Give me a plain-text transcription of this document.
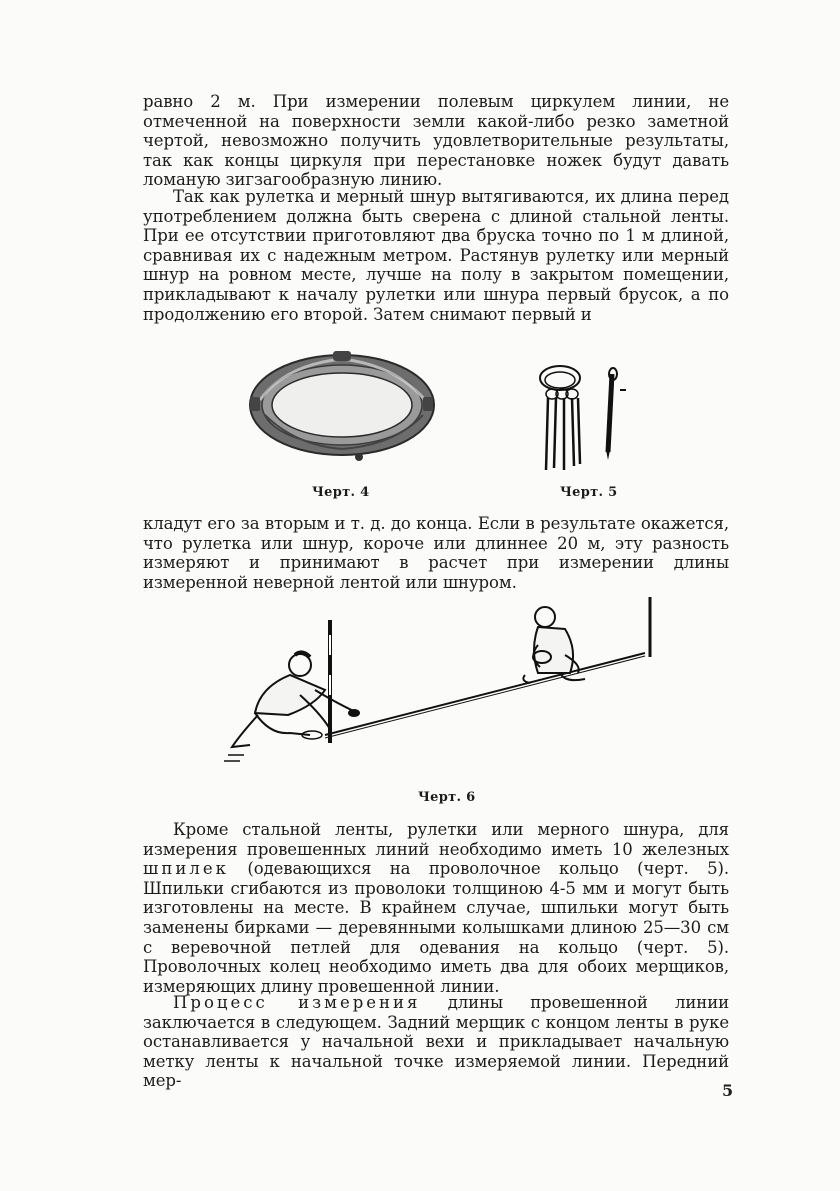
равно 2 м. При измерении полевым циркулем линии, не отмеченной на поверхности земли какой-либо резко заметной чертой, невозможно получить удовлетворительные результаты, так как концы циркуля при перестановке ножек будут давать ломаную зигзагообразную линию.

Так как рулетка и мерный шнур вытягиваются, их длина перед употреблением должна быть сверена с длиной стальной ленты. При ее отсутствии приготовляют два бруска точно по 1 м длиной, сравнивая их с надежным метром. Растянув рулетку или мерный шнур на ровном месте, лучше на полу в закрытом помещении, прикладывают к началу рулетки или шнура первый брусок, а по продолжению его второй. Затем снимают первый и

Черт. 4	Черт. 5

кладут его за вторым и т. д. до конца. Если в результате окажется, что рулетка или шнур, короче или длиннее 20 м, эту разность измеряют и принимают в расчет при измерении длины измеренной неверной лентой или шнуром.

Черт. 6

Кроме стальной ленты, рулетки или мерного шнура, для измерения провешенных линий необходимо иметь 10 железных шпилек (одевающихся на проволочное кольцо (черт. 5). Шпильки сгибаются из проволоки толщиною 4-5 мм и могут быть изготовлены на месте. В крайнем случае, шпильки могут быть заменены бирками — деревянными колышками длиною 25—30 см с веревочной петлей для одевания на кольцо (черт. 5). Проволочных колец необходимо иметь два для обоих мерщиков, измеряющих длину провешенной линии.

Процесс измерения длины провешенной линии заключается в следующем. Задний мерщик с концом ленты в руке останавливается у начальной вехи и прикладывает начальную метку ленты к начальной точке измеряемой линии. Передний мер-

5
